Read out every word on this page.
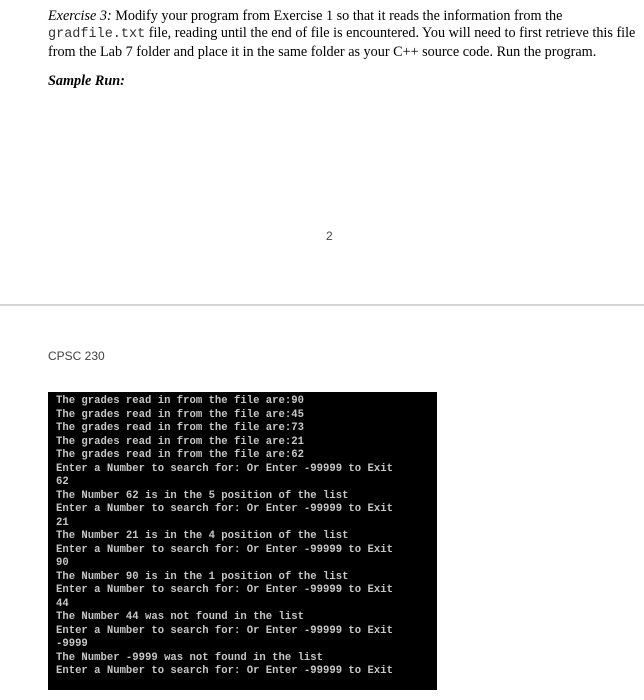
Exercise 3: Modify your program from Exercise 1 so that it reads the information from the gradfile.txt file, reading until the end of file is encountered. You will need to first retrieve this file from the Lab 7 folder and place it in the same folder as your C++ source code. Run the program.
Sample Run:
2
CPSC 230
The grades read in from the file are:90
The grades read in from the file are:45
The grades read in from the file are:73
The grades read in from the file are:21
The grades read in from the file are:62
Enter a Number to search for: Or Enter -99999 to Exit
62
The Number 62 is in the 5 position of the list
Enter a Number to search for: Or Enter -99999 to Exit
21
The Number 21 is in the 4 position of the list
Enter a Number to search for: Or Enter -99999 to Exit
90
The Number 90 is in the 1 position of the list
Enter a Number to search for: Or Enter -99999 to Exit
44
The Number 44 was not found in the list
Enter a Number to search for: Or Enter -99999 to Exit
-9999
The Number -9999 was not found in the list
Enter a Number to search for: Or Enter -99999 to Exit
